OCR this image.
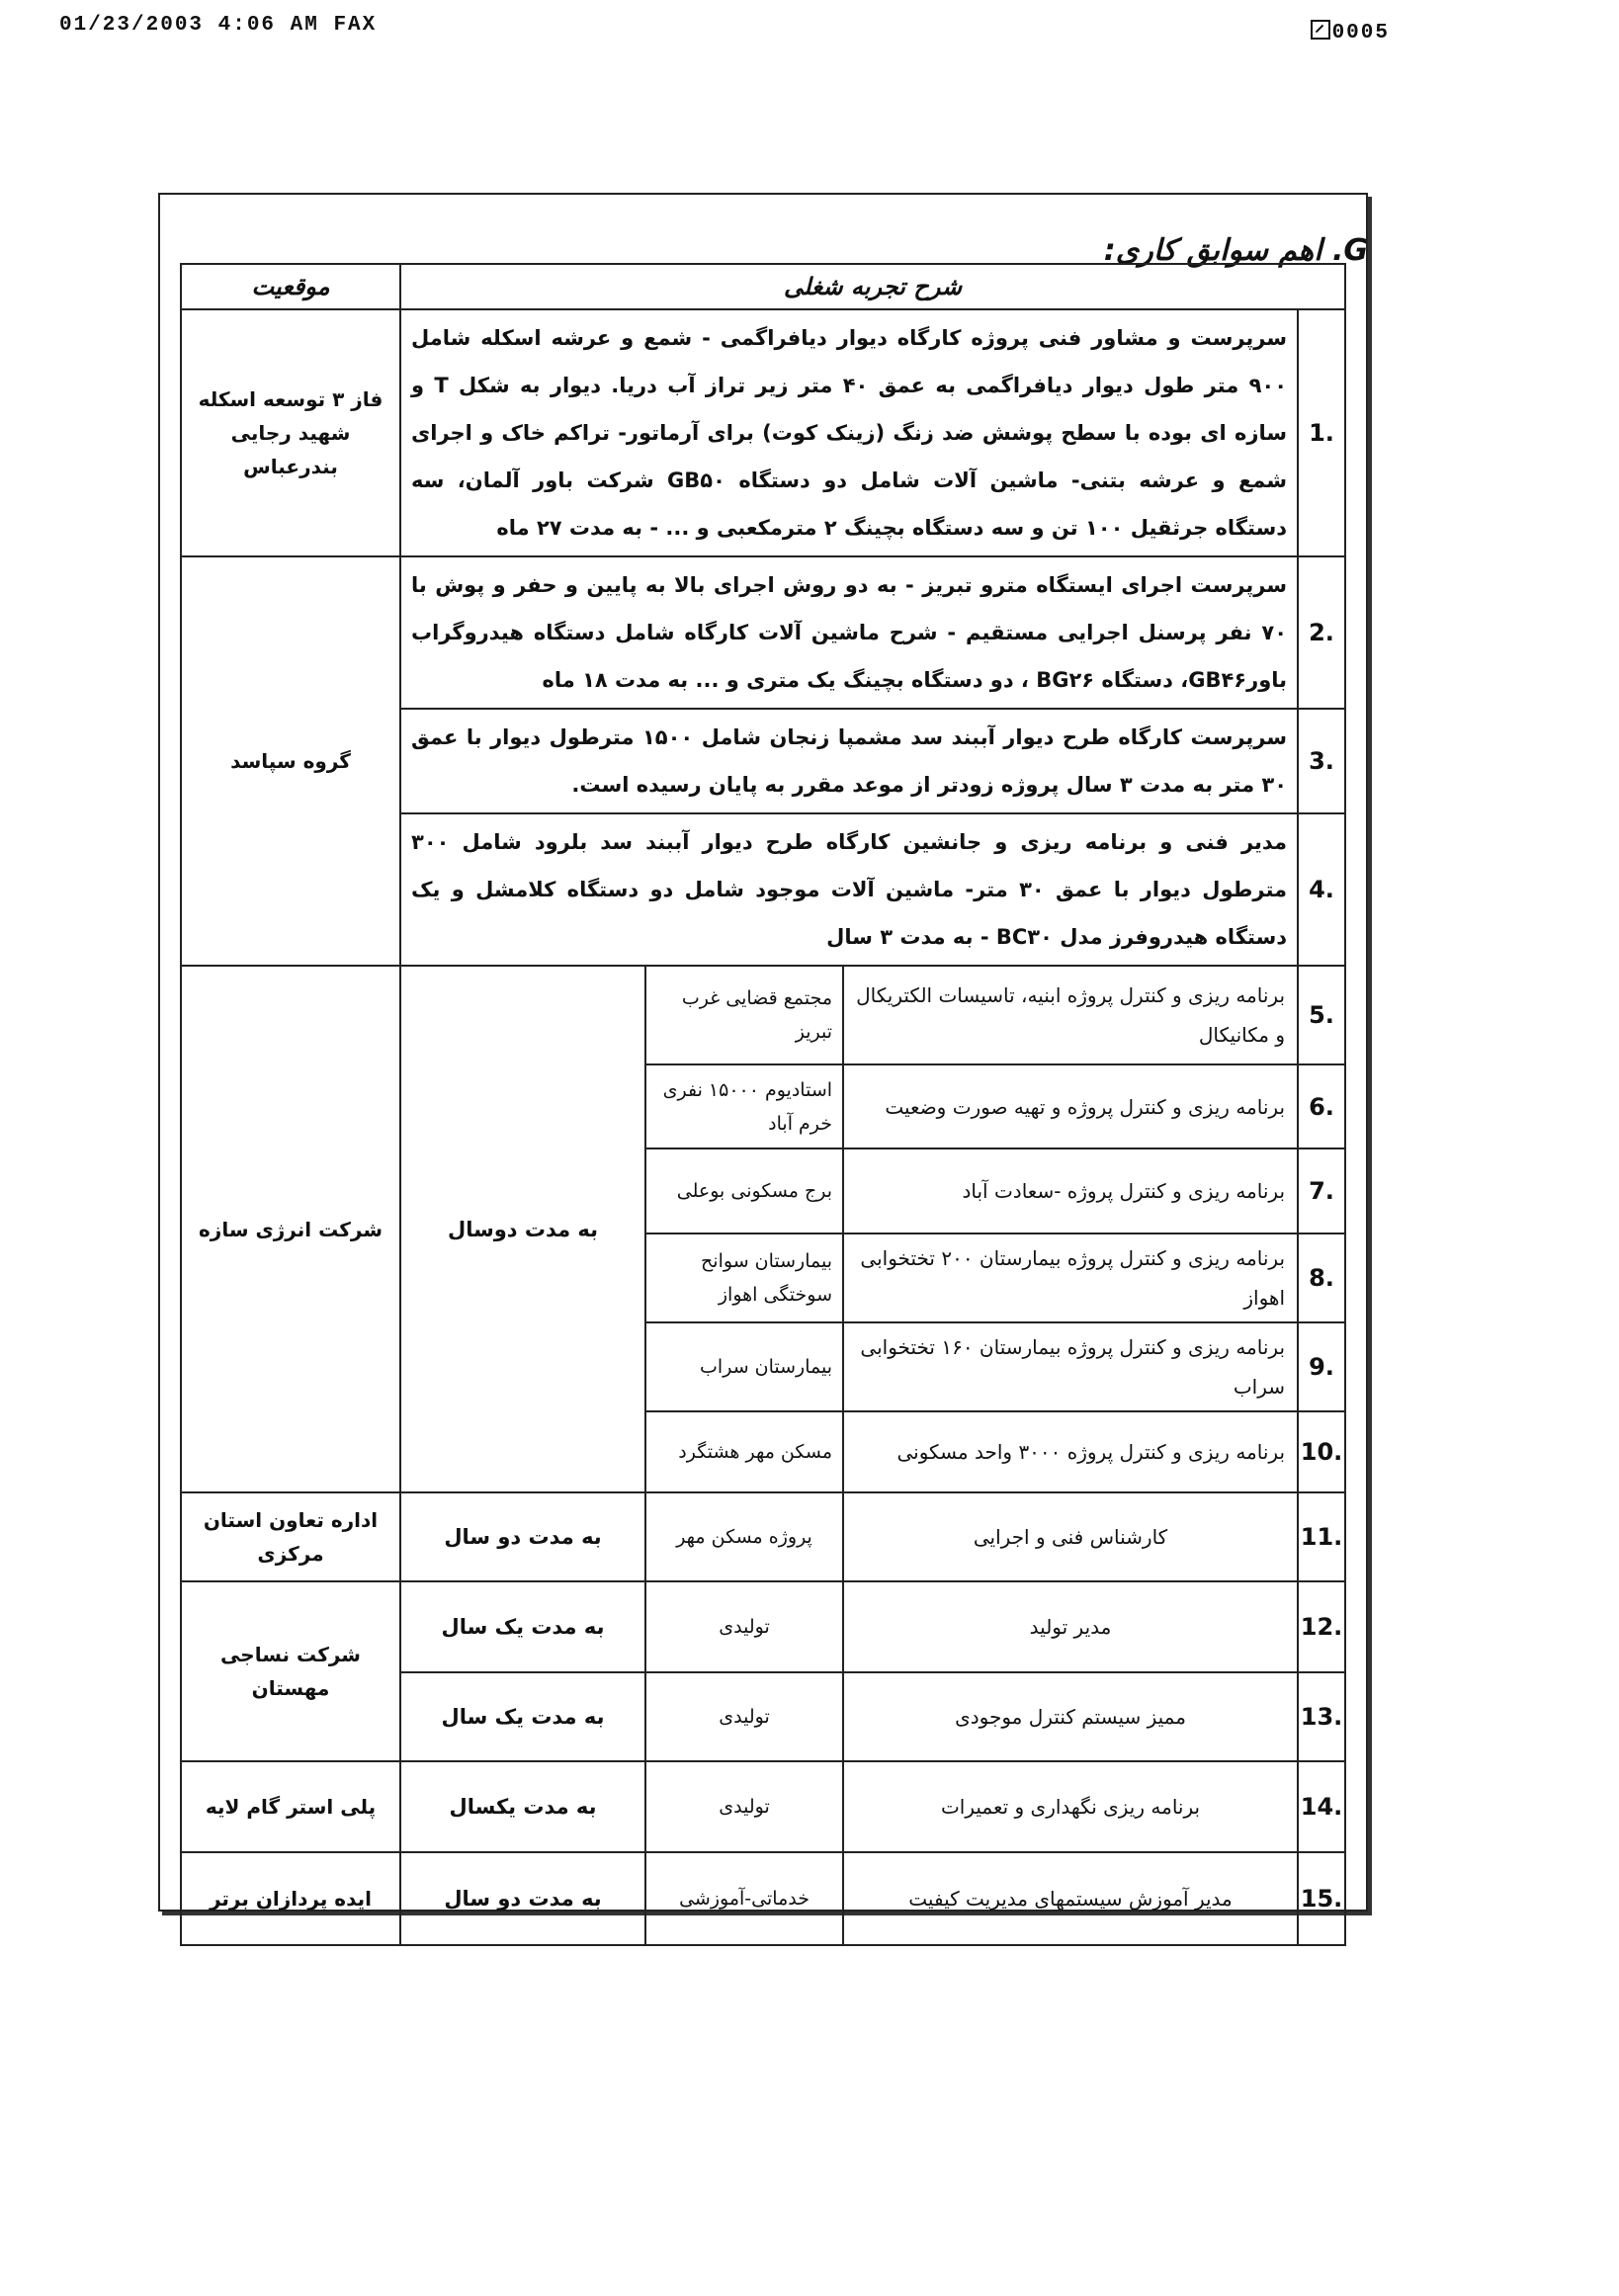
01/23/2003 4:06 AM FAX	0005
G. اهم سوابق کاری:
شرح تجربه شغلی				موقعیت
1.	سرپرست و مشاور فنی پروژه کارگاه دیوار دیافراگمی - شمع و عرشه اسکله شامل ۹۰۰ متر طول دیوار دیافراگمی به عمق ۴۰ متر زیر تراز آب دریا. دیوار به شکل T و سازه ای بوده با سطح پوشش ضد زنگ (زینک کوت) برای آرماتور- تراکم خاک و اجرای شمع و عرشه بتنی- ماشین آلات شامل دو دستگاه GB۵۰ شرکت باور آلمان، سه دستگاه جرثقیل ۱۰۰ تن و سه دستگاه بچینگ ۲ مترمکعبی و ... - به مدت ۲۷ ماه			فاز ۳ توسعه اسکله شهید رجایی بندرعباس
2.	سرپرست اجرای ایستگاه مترو تبریز - به دو روش اجرای بالا به پایین و حفر و پوش با ۷۰ نفر پرسنل اجرایی مستقیم - شرح ماشین آلات کارگاه شامل دستگاه هیدروگراب باورGB۴۶، دستگاه BG۲۶ ، دو دستگاه بچینگ یک متری و ... به مدت ۱۸ ماه			گروه سپاسد
3.	سرپرست کارگاه طرح دیوار آببند سد مشمپا زنجان شامل ۱۵۰۰ مترطول دیوار با عمق ۳۰ متر به مدت ۳ سال پروژه زودتر از موعد مقرر به پایان رسیده است.			
4.	مدیر فنی و برنامه ریزی و جانشین کارگاه طرح دیوار آببند سد بلرود شامل ۳۰۰ مترطول دیوار با عمق ۳۰ متر- ماشین آلات موجود شامل دو دستگاه کلامشل و یک دستگاه هیدروفرز مدل BC۳۰ - به مدت ۳ سال			
5.	برنامه ریزی و کنترل پروژه ابنیه، تاسیسات الکتریکال و مکانیکال	مجتمع قضایی غرب تبریز	به مدت دوسال	شرکت انرژی سازه
6.	برنامه ریزی و کنترل پروژه و تهیه صورت وضعیت	استادیوم ۱۵۰۰۰ نفری خرم آباد		
7.	برنامه ریزی و کنترل پروژه -سعادت آباد	برج مسکونی بوعلی		
8.	برنامه ریزی و کنترل پروژه بیمارستان ۲۰۰ تختخوابی اهواز	بیمارستان سوانح سوختگی اهواز		
9.	برنامه ریزی و کنترل پروژه بیمارستان ۱۶۰ تختخوابی سراب	بیمارستان سراب		
10.	برنامه ریزی و کنترل پروژه ۳۰۰۰ واحد مسکونی	مسکن مهر هشتگرد		
11.	کارشناس فنی و اجرایی	پروژه مسکن مهر	به مدت دو سال	اداره تعاون استان مرکزی
12.	مدیر تولید	تولیدی	به مدت یک سال	شرکت نساجی مهستان
13.	ممیز سیستم کنترل موجودی	تولیدی	به مدت یک سال	
14.	برنامه ریزی نگهداری و تعمیرات	تولیدی	به مدت یکسال	پلی استر گام لایه
15.	مدیر آموزش سیستمهای مدیریت کیفیت	خدماتی-آموزشی	به مدت دو سال	ایده پردازان برتر
